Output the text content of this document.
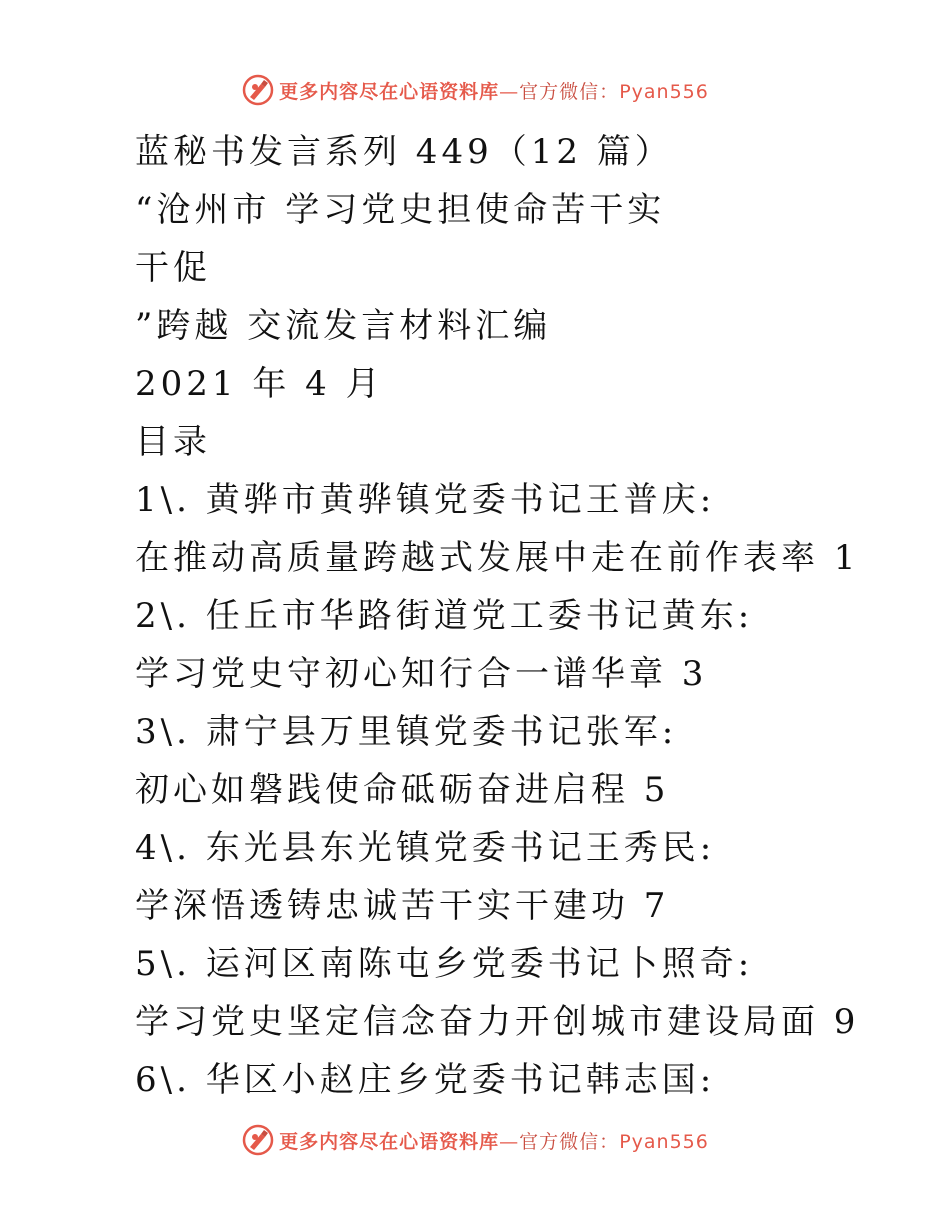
更多内容尽在心语资料库—官方微信：Pyan556
蓝秘书发言系列 449（12 篇）
“沧州市 学习党史担使命苦干实
干促
”跨越 交流发言材料汇编
2021 年 4 月
目录
1\. 黄骅市黄骅镇党委书记王普庆:
在推动高质量跨越式发展中走在前作表率 1
2\. 任丘市华路街道党工委书记黄东:
学习党史守初心知行合一谱华章 3
3\. 肃宁县万里镇党委书记张军:
初心如磐践使命砥砺奋进启程 5
4\. 东光县东光镇党委书记王秀民:
学深悟透铸忠诚苦干实干建功 7
5\. 运河区南陈屯乡党委书记卜照奇:
学习党史坚定信念奋力开创城市建设局面 9
6\. 华区小赵庄乡党委书记韩志国:
更多内容尽在心语资料库—官方微信：Pyan556
